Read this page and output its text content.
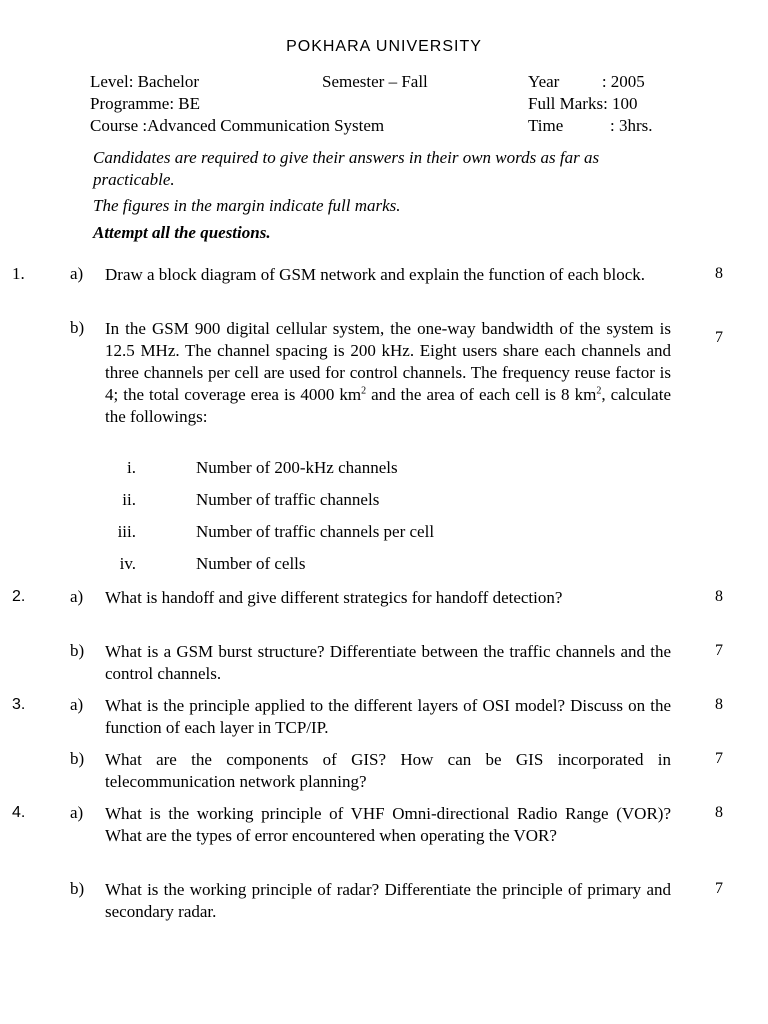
POKHARA UNIVERSITY
Level: Bachelor	Semester – Fall	Year          : 2005
Programme: BE	Full Marks: 100
Course :Advanced Communication System	Time           : 3hrs.
Candidates are required to give their answers in their own words as far as practicable.
The figures in the margin indicate full marks.
Attempt all the questions.
1.	a) Draw a block diagram of GSM network and explain the function of each block.	8
b) In the GSM 900 digital cellular system, the one-way bandwidth of the system is 12.5 MHz. The channel spacing is 200 kHz. Eight users share each channels and three channels per cell are used for control channels. The frequency reuse factor is 4; the total coverage erea is 4000 $km^2$ and the area of each cell is 8 $km^2$, calculate the followings:
7
i.	Number of 200-kHz channels
ii.	Number of traffic channels
iii.	Number of traffic channels per cell
iv.	Number of cells
2.	a) What is handoff and give different strategics for handoff detection?	8
b) What is a GSM burst structure? Differentiate between the traffic channels and the control channels.
7
3.	a) What is the principle applied to the different layers of OSI model? Discuss on the function of each layer in TCP/IP.
8
b) What are the components of GIS? How can be GIS incorporated in telecommunication network planning?
7
4.	a) What is the working principle of VHF Omni-directional Radio Range (VOR)? What are the types of error encountered when operating the VOR?
8
b) What is the working principle of radar? Differentiate the principle of primary and secondary radar.
7
